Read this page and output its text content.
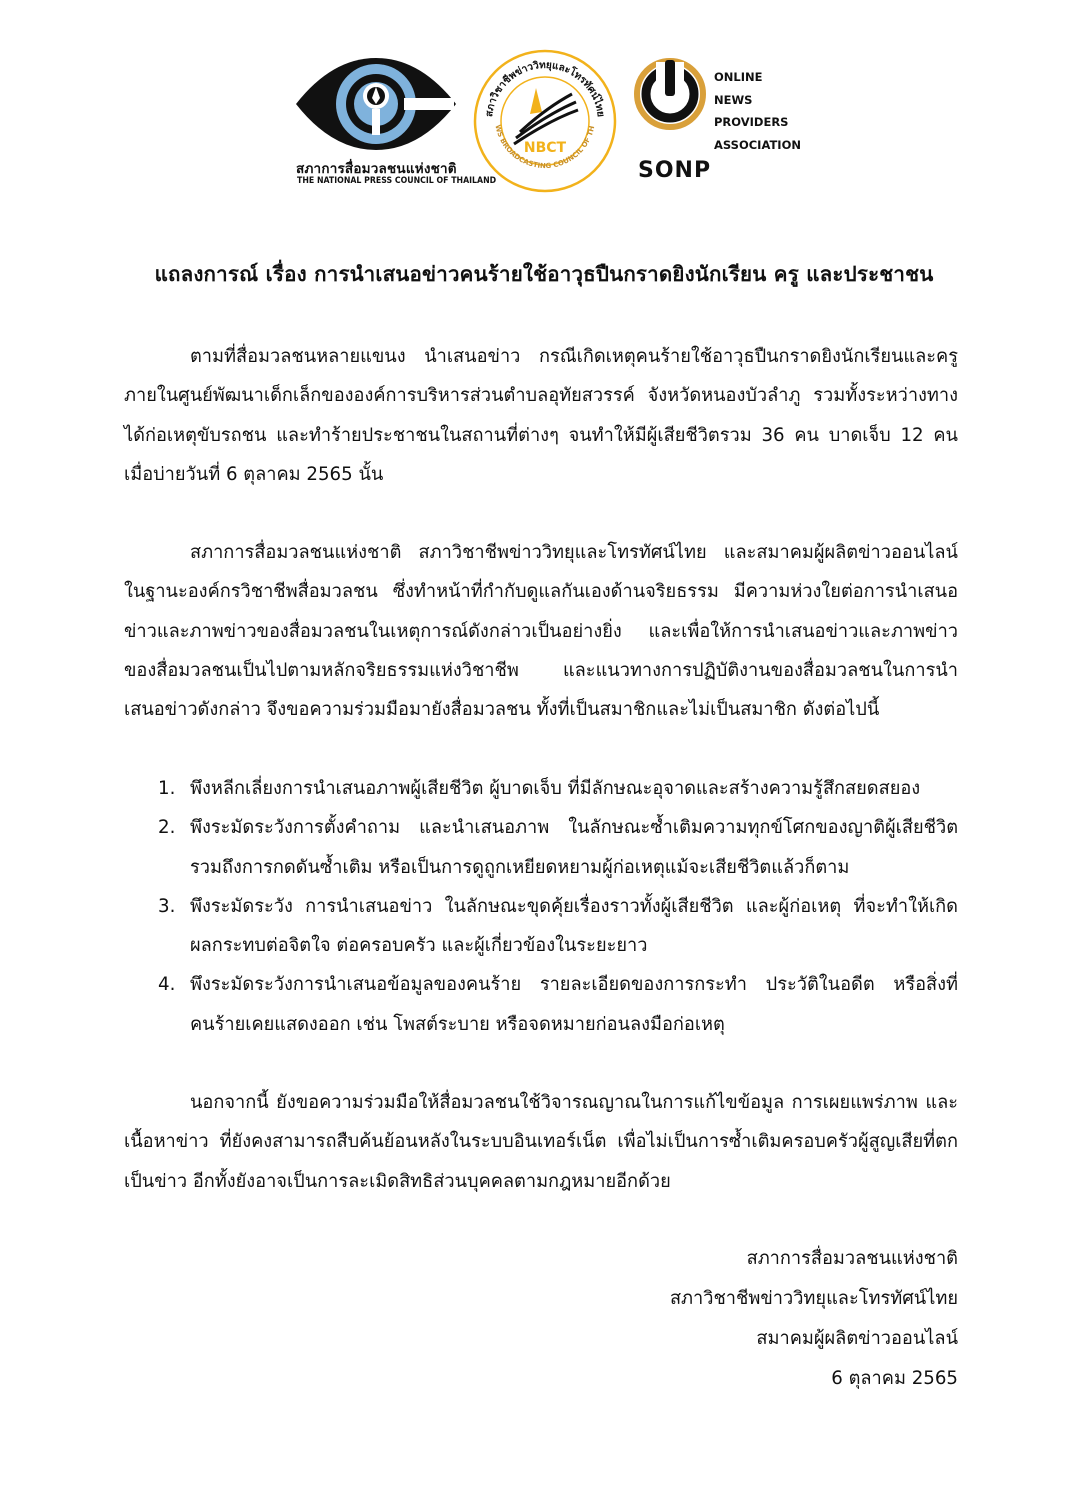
สภาการสื่อมวลชนแห่งชาติ
THE NATIONAL PRESS COUNCIL OF THAILAND
สภาวิชาชีพข่าววิทยุและโทรทัศน์ไทย
WS BROADCASTING COUNCIL OF TH
NBCT
ONLINE
NEWS
PROVIDERS
ASSOCIATION
SONP
แถลงการณ์ เรื่อง การนำเสนอข่าวคนร้ายใช้อาวุธปืนกราดยิงนักเรียน ครู และประชาชน

ตามที่สื่อมวลชนหลายแขนง นำเสนอข่าว กรณีเกิดเหตุคนร้ายใช้อาวุธปืนกราดยิงนักเรียนและครู ภายในศูนย์พัฒนาเด็กเล็กขององค์การบริหารส่วนตำบลอุทัยสวรรค์ จังหวัดหนองบัวลำภู รวมทั้งระหว่างทาง ได้ก่อเหตุขับรถชน และทำร้ายประชาชนในสถานที่ต่างๆ จนทำให้มีผู้เสียชีวิตรวม 36 คน บาดเจ็บ 12 คน เมื่อบ่ายวันที่ 6 ตุลาคม 2565 นั้น

สภาการสื่อมวลชนแห่งชาติ สภาวิชาชีพข่าววิทยุและโทรทัศน์ไทย และสมาคมผู้ผลิตข่าวออนไลน์ ในฐานะองค์กรวิชาชีพสื่อมวลชน ซึ่งทำหน้าที่กำกับดูแลกันเองด้านจริยธรรม มีความห่วงใยต่อการนำเสนอข่าวและภาพข่าวของสื่อมวลชนในเหตุการณ์ดังกล่าวเป็นอย่างยิ่ง และเพื่อให้การนำเสนอข่าวและภาพข่าวของสื่อมวลชนเป็นไปตามหลักจริยธรรมแห่งวิชาชีพ และแนวทางการปฏิบัติงานของสื่อมวลชนในการนำเสนอข่าวดังกล่าว จึงขอความร่วมมือมายังสื่อมวลชน ทั้งที่เป็นสมาชิกและไม่เป็นสมาชิก ดังต่อไปนี้

1. พึงหลีกเลี่ยงการนำเสนอภาพผู้เสียชีวิต ผู้บาดเจ็บ ที่มีลักษณะอุจาดและสร้างความรู้สึกสยดสยอง
2. พึงระมัดระวังการตั้งคำถาม และนำเสนอภาพ ในลักษณะซ้ำเติมความทุกข์โศกของญาติผู้เสียชีวิต รวมถึงการกดดันซ้ำเติม หรือเป็นการดูถูกเหยียดหยามผู้ก่อเหตุแม้จะเสียชีวิตแล้วก็ตาม
3. พึงระมัดระวัง การนำเสนอข่าว ในลักษณะขุดคุ้ยเรื่องราวทั้งผู้เสียชีวิต และผู้ก่อเหตุ ที่จะทำให้เกิดผลกระทบต่อจิตใจ ต่อครอบครัว และผู้เกี่ยวข้องในระยะยาว
4. พึงระมัดระวังการนำเสนอข้อมูลของคนร้าย รายละเอียดของการกระทำ ประวัติในอดีต หรือสิ่งที่คนร้ายเคยแสดงออก เช่น โพสต์ระบาย หรือจดหมายก่อนลงมือก่อเหตุ

นอกจากนี้ ยังขอความร่วมมือให้สื่อมวลชนใช้วิจารณญาณในการแก้ไขข้อมูล การเผยแพร่ภาพ และเนื้อหาข่าว ที่ยังคงสามารถสืบค้นย้อนหลังในระบบอินเทอร์เน็ต เพื่อไม่เป็นการซ้ำเติมครอบครัวผู้สูญเสียที่ตกเป็นข่าว อีกทั้งยังอาจเป็นการละเมิดสิทธิส่วนบุคคลตามกฎหมายอีกด้วย

สภาการสื่อมวลชนแห่งชาติ
สภาวิชาชีพข่าววิทยุและโทรทัศน์ไทย
สมาคมผู้ผลิตข่าวออนไลน์
6 ตุลาคม 2565
